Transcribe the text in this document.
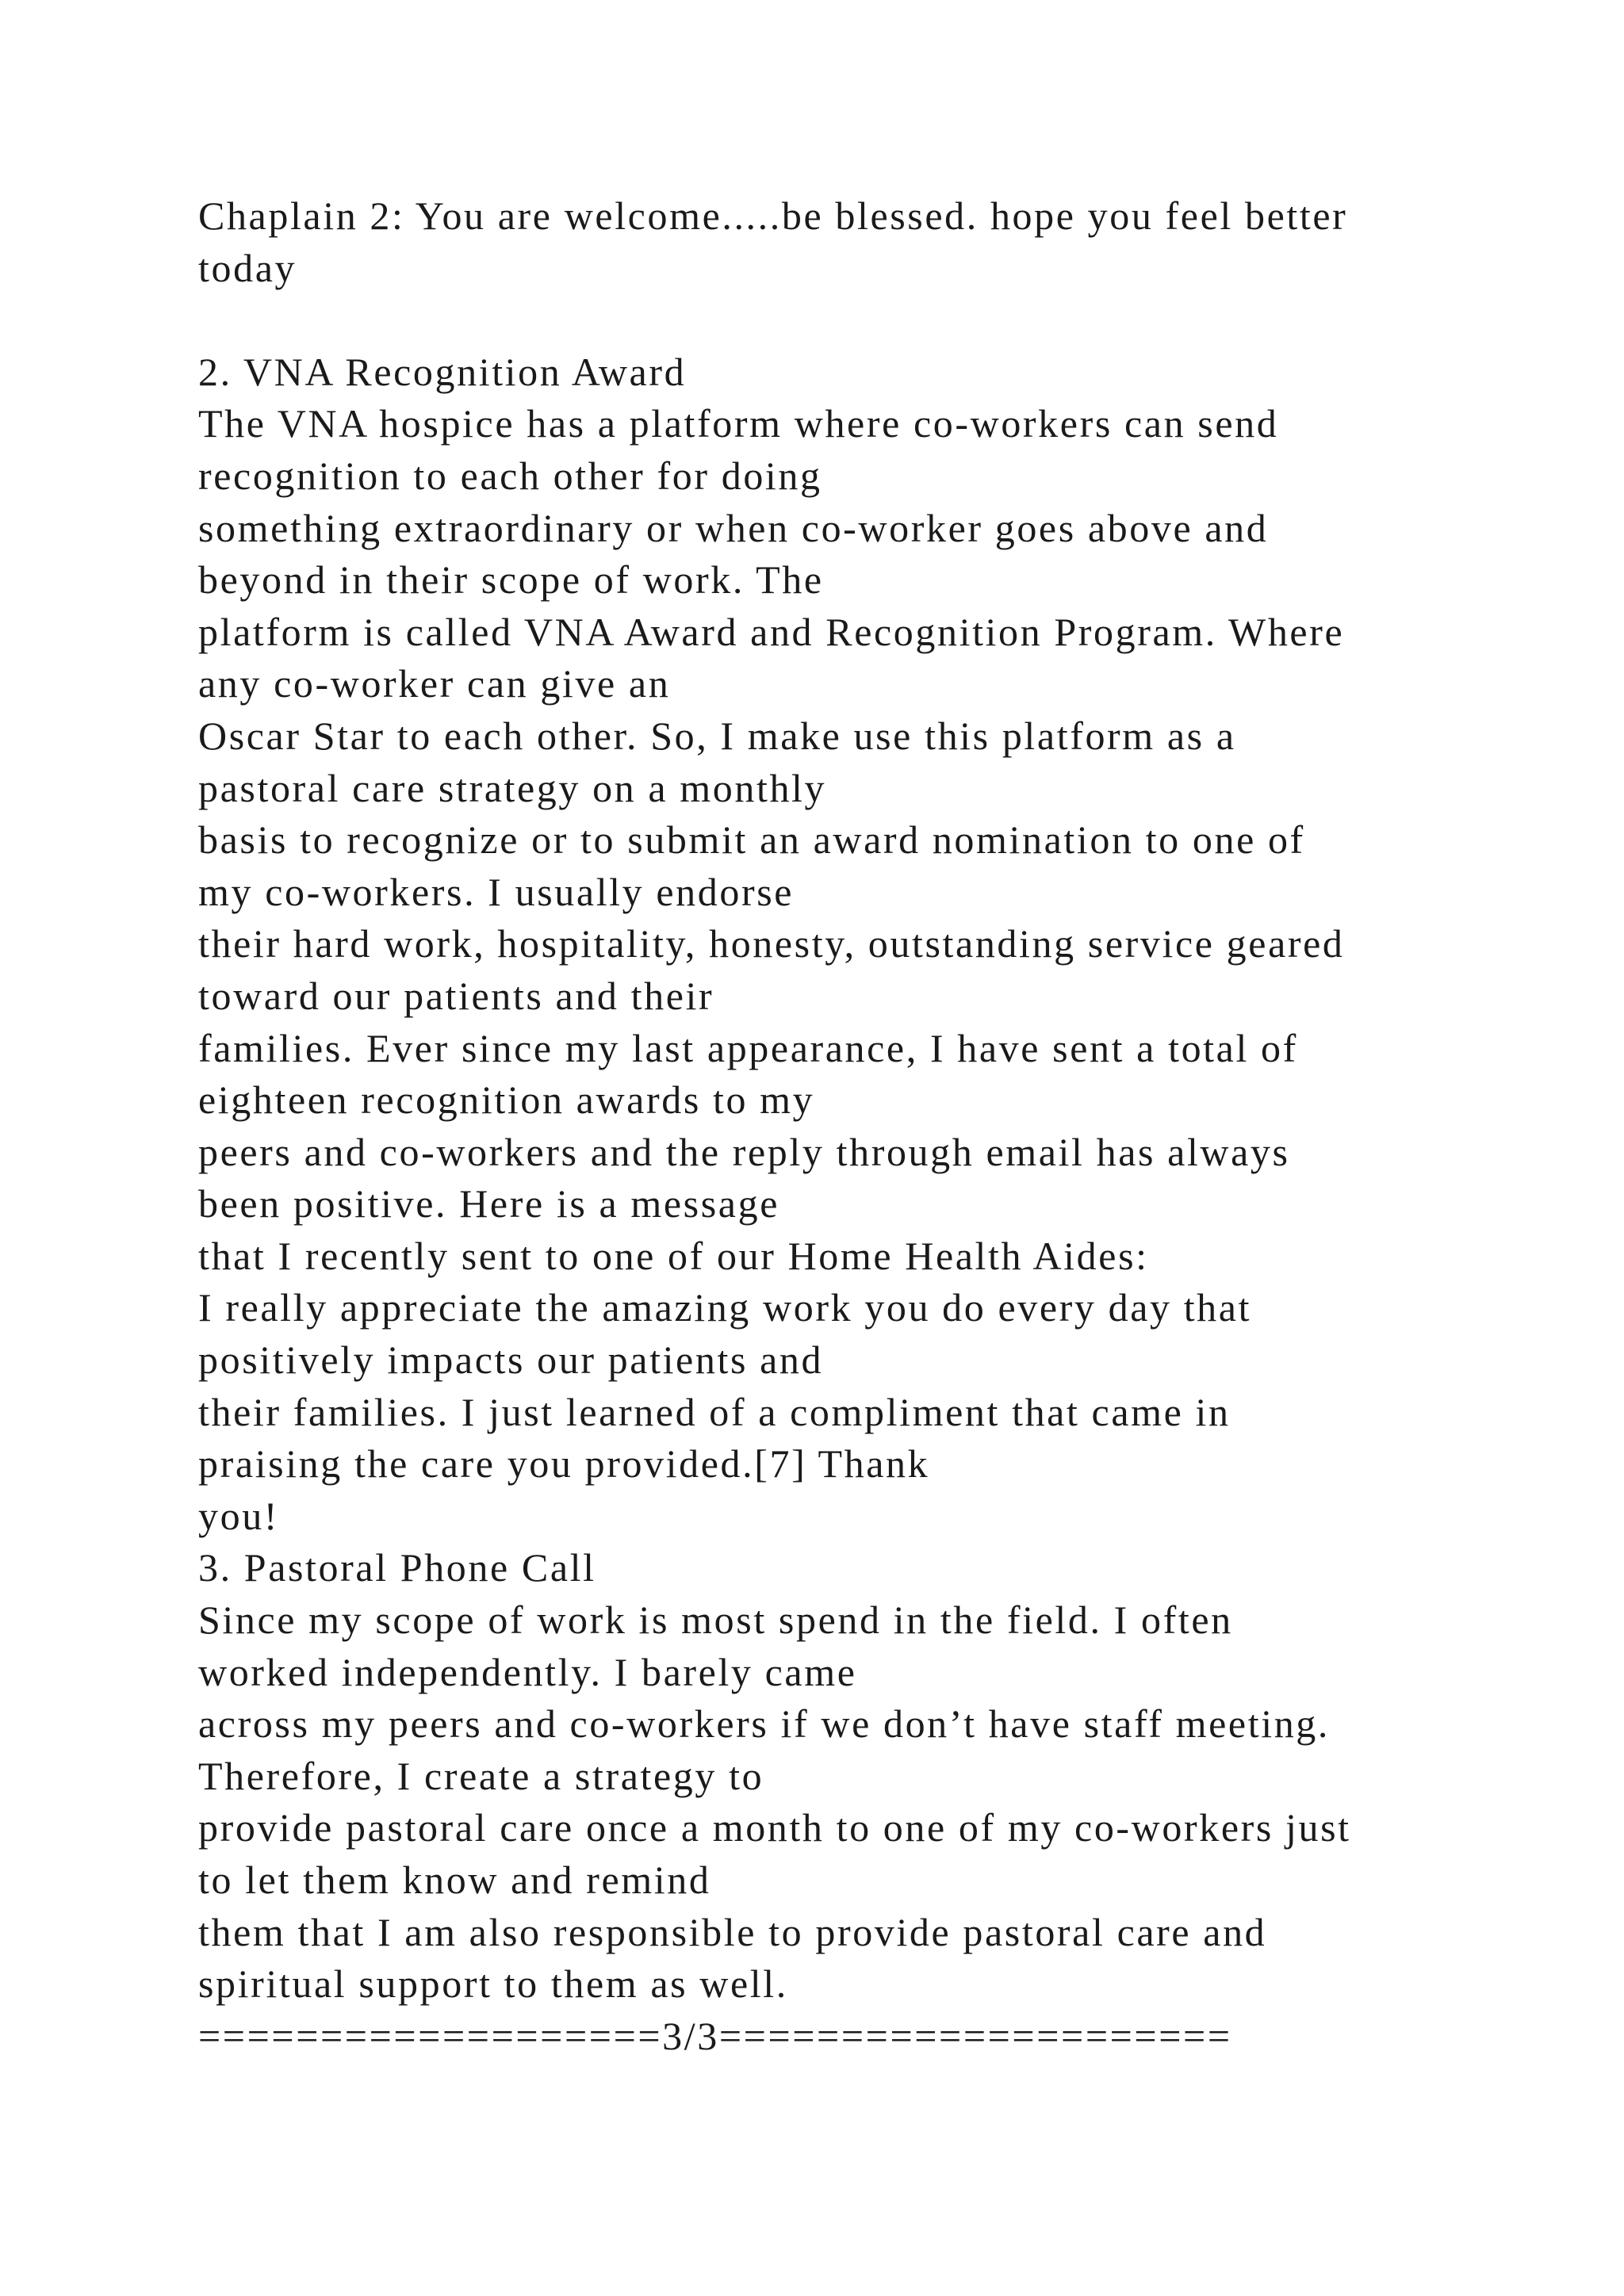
Chaplain 2: You are welcome.....be blessed. hope you feel better
today
2. VNA Recognition Award
The VNA hospice has a platform where co-workers can send
recognition to each other for doing
something extraordinary or when co-worker goes above and
beyond in their scope of work. The
platform is called VNA Award and Recognition Program. Where
any co-worker can give an
Oscar Star to each other. So, I make use this platform as a
pastoral care strategy on a monthly
basis to recognize or to submit an award nomination to one of
my co-workers. I usually endorse
their hard work, hospitality, honesty, outstanding service geared
toward our patients and their
families. Ever since my last appearance, I have sent a total of
eighteen recognition awards to my
peers and co-workers and the reply through email has always
been positive. Here is a message
that I recently sent to one of our Home Health Aides:
I really appreciate the amazing work you do every day that
positively impacts our patients and
their families. I just learned of a compliment that came in
praising the care you provided.[7] Thank
you!
3. Pastoral Phone Call
Since my scope of work is most spend in the field. I often
worked independently. I barely came
across my peers and co-workers if we don’t have staff meeting.
Therefore, I create a strategy to
provide pastoral care once a month to one of my co-workers just
to let them know and remind
them that I am also responsible to provide pastoral care and
spiritual support to them as well.
===================3/3=====================
